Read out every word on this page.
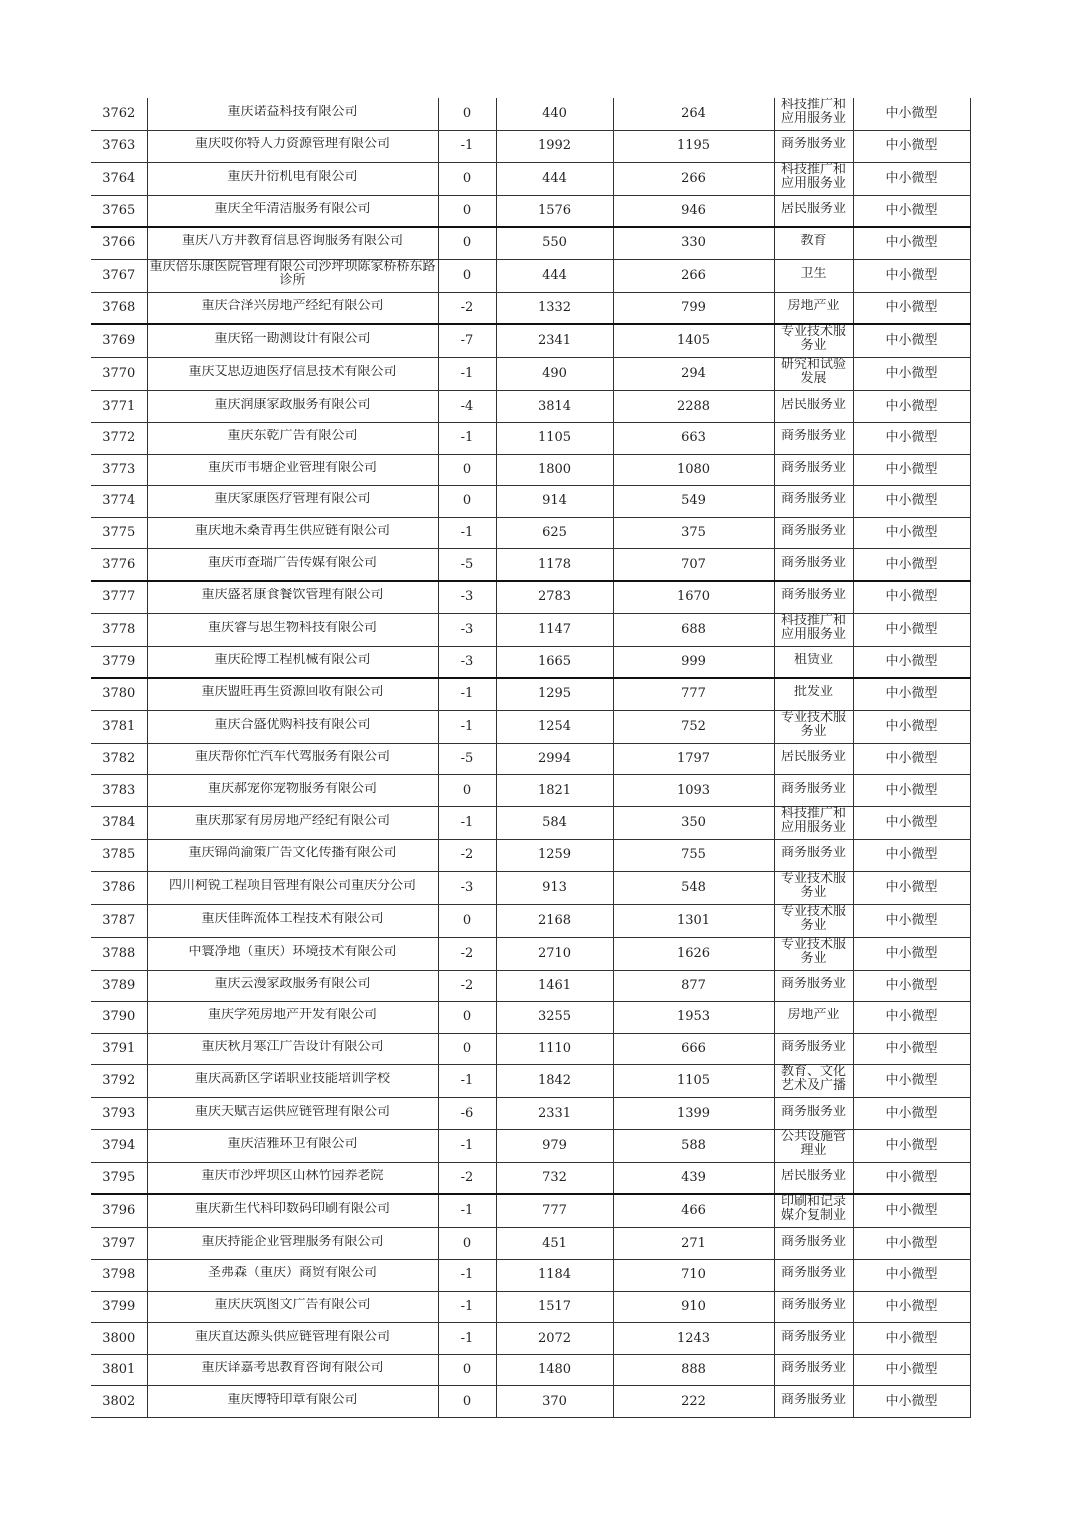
3762	重庆诺益科技有限公司	0	440	264	科技推广和应用服务业	中小微型
3763	重庆哎你特人力资源管理有限公司	-1	1992	1195	商务服务业	中小微型
3764	重庆升衍机电有限公司	0	444	266	科技推广和应用服务业	中小微型
3765	重庆全年清洁服务有限公司	0	1576	946	居民服务业	中小微型
3766	重庆八方井教育信息咨询服务有限公司	0	550	330	教育	中小微型
3767	重庆倍乐康医院管理有限公司沙坪坝陈家桥桥东路诊所	0	444	266	卫生	中小微型
3768	重庆合泽兴房地产经纪有限公司	-2	1332	799	房地产业	中小微型
3769	重庆铭一勘测设计有限公司	-7	2341	1405	专业技术服务业	中小微型
3770	重庆艾思迈迪医疗信息技术有限公司	-1	490	294	研究和试验发展	中小微型
3771	重庆润康家政服务有限公司	-4	3814	2288	居民服务业	中小微型
3772	重庆东乾广告有限公司	-1	1105	663	商务服务业	中小微型
3773	重庆市韦塘企业管理有限公司	0	1800	1080	商务服务业	中小微型
3774	重庆家康医疗管理有限公司	0	914	549	商务服务业	中小微型
3775	重庆地禾桑青再生供应链有限公司	-1	625	375	商务服务业	中小微型
3776	重庆市查瑞广告传媒有限公司	-5	1178	707	商务服务业	中小微型
3777	重庆盛茗康食餐饮管理有限公司	-3	2783	1670	商务服务业	中小微型
3778	重庆睿与思生物科技有限公司	-3	1147	688	科技推广和应用服务业	中小微型
3779	重庆砼博工程机械有限公司	-3	1665	999	租赁业	中小微型
3780	重庆盟旺再生资源回收有限公司	-1	1295	777	批发业	中小微型
3781	重庆合盛优购科技有限公司	-1	1254	752	专业技术服务业	中小微型
3782	重庆帮你忙汽车代驾服务有限公司	-5	2994	1797	居民服务业	中小微型
3783	重庆郝宠你宠物服务有限公司	0	1821	1093	商务服务业	中小微型
3784	重庆那家有房房地产经纪有限公司	-1	584	350	科技推广和应用服务业	中小微型
3785	重庆锦尚渝策广告文化传播有限公司	-2	1259	755	商务服务业	中小微型
3786	四川柯锐工程项目管理有限公司重庆分公司	-3	913	548	专业技术服务业	中小微型
3787	重庆佳晖流体工程技术有限公司	0	2168	1301	专业技术服务业	中小微型
3788	中寰净地（重庆）环境技术有限公司	-2	2710	1626	专业技术服务业	中小微型
3789	重庆云漫家政服务有限公司	-2	1461	877	商务服务业	中小微型
3790	重庆学苑房地产开发有限公司	0	3255	1953	房地产业	中小微型
3791	重庆秋月寒江广告设计有限公司	0	1110	666	商务服务业	中小微型
3792	重庆高新区学诺职业技能培训学校	-1	1842	1105	教育、文化艺术及广播	中小微型
3793	重庆天赋吉运供应链管理有限公司	-6	2331	1399	商务服务业	中小微型
3794	重庆洁雅环卫有限公司	-1	979	588	公共设施管理业	中小微型
3795	重庆市沙坪坝区山林竹园养老院	-2	732	439	居民服务业	中小微型
3796	重庆新生代科印数码印刷有限公司	-1	777	466	印刷和记录媒介复制业	中小微型
3797	重庆持能企业管理服务有限公司	0	451	271	商务服务业	中小微型
3798	圣弗森（重庆）商贸有限公司	-1	1184	710	商务服务业	中小微型
3799	重庆庆筑图文广告有限公司	-1	1517	910	商务服务业	中小微型
3800	重庆直达源头供应链管理有限公司	-1	2072	1243	商务服务业	中小微型
3801	重庆译嘉考思教育咨询有限公司	0	1480	888	商务服务业	中小微型
3802	重庆博特印章有限公司	0	370	222	商务服务业	中小微型
